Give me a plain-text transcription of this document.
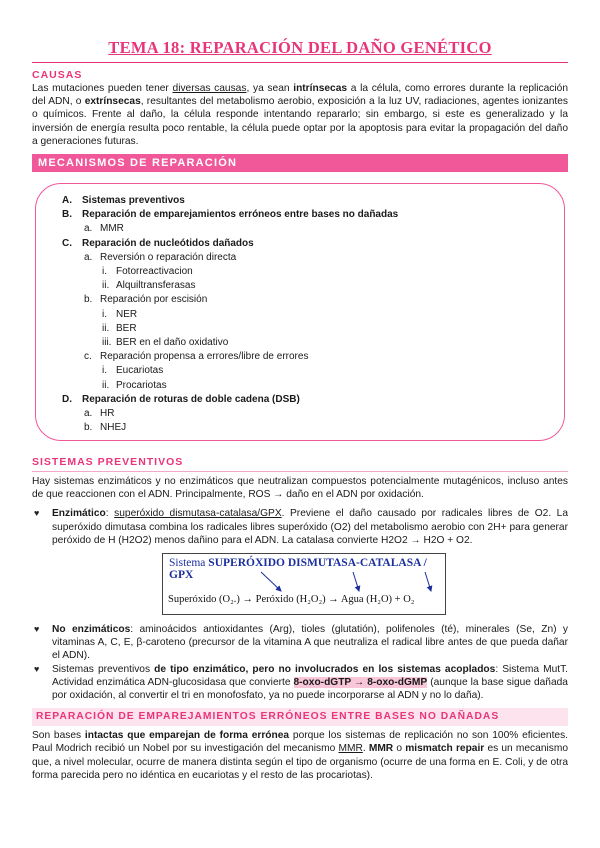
TEMA 18: REPARACIÓN DEL DAÑO GENÉTICO
CAUSAS

Las mutaciones pueden tener diversas causas, ya sean intrínsecas a la célula, como errores durante la replicación del ADN, o extrínsecas, resultantes del metabolismo aerobio, exposición a la luz UV, radiaciones, agentes ionizantes o químicos. Frente al daño, la célula responde intentando repararlo; sin embargo, si este es generalizado y la inversión de energía resulta poco rentable, la célula puede optar por la apoptosis para evitar la propagación del daño a generaciones futuras.

MECANISMOS DE REPARACIÓN
A. Sistemas preventivos
B. Reparación de emparejamientos erróneos entre bases no dañadas
a. MMR
C. Reparación de nucleótidos dañados
a. Reversión o reparación directa
i. Fotorreactivacion
ii. Alquiltransferasas
b. Reparación por escisión
i. NER
ii. BER
iii. BER en el daño oxidativo
c. Reparación propensa a errores/libre de errores
i. Eucariotas
ii. Procariotas
D. Reparación de roturas de doble cadena (DSB)
a. HR
b. NHEJ
SISTEMAS PREVENTIVOS

Hay sistemas enzimáticos y no enzimáticos que neutralizan compuestos potencialmente mutagénicos, incluso antes de que reaccionen con el ADN. Principalmente, ROS → daño en el ADN por oxidación.

♥ Enzimático: superóxido dismutasa-catalasa/GPX. Previene el daño causado por radicales libres de O2. La superóxido dimutasa combina los radicales libres superóxido (O2) del metabolismo aerobio con 2H+ para generar peróxido de H (H2O2) menos dañino para el ADN. La catalasa convierte H2O2 → H2O + O2.
Sistema SUPERÓXIDO DISMUTASA-CATALASA / GPX
Superóxido (O₂.) → Peróxido (H₂O₂) → Agua (H₂O) + O₂
♥ No enzimáticos: aminoácidos antioxidantes (Arg), tioles (glutatión), polifenoles (té), minerales (Se, Zn) y vitaminas A, C, E, β-caroteno (precursor de la vitamina A que neutraliza el radical libre antes de que pueda dañar el ADN).
♥ Sistemas preventivos de tipo enzimático, pero no involucrados en los sistemas acoplados: Sistema MutT. Actividad enzimática ADN-glucosidasa que convierte 8-oxo-dGTP → 8-oxo-dGMP (aunque la base sigue dañada por oxidación, al convertir el tri en monofosfato, ya no puede incorporarse al ADN y no lo daña).
REPARACIÓN DE EMPAREJAMIENTOS ERRÓNEOS ENTRE BASES NO DAÑADAS

Son bases intactas que emparejan de forma errónea porque los sistemas de replicación no son 100% eficientes. Paul Modrich recibió un Nobel por su investigación del mecanismo MMR. MMR o mismatch repair es un mecanismo que, a nivel molecular, ocurre de manera distinta según el tipo de organismo (ocurre de una forma en E. Coli, y de otra forma parecida pero no idéntica en eucariotas y el resto de las procariotas).
